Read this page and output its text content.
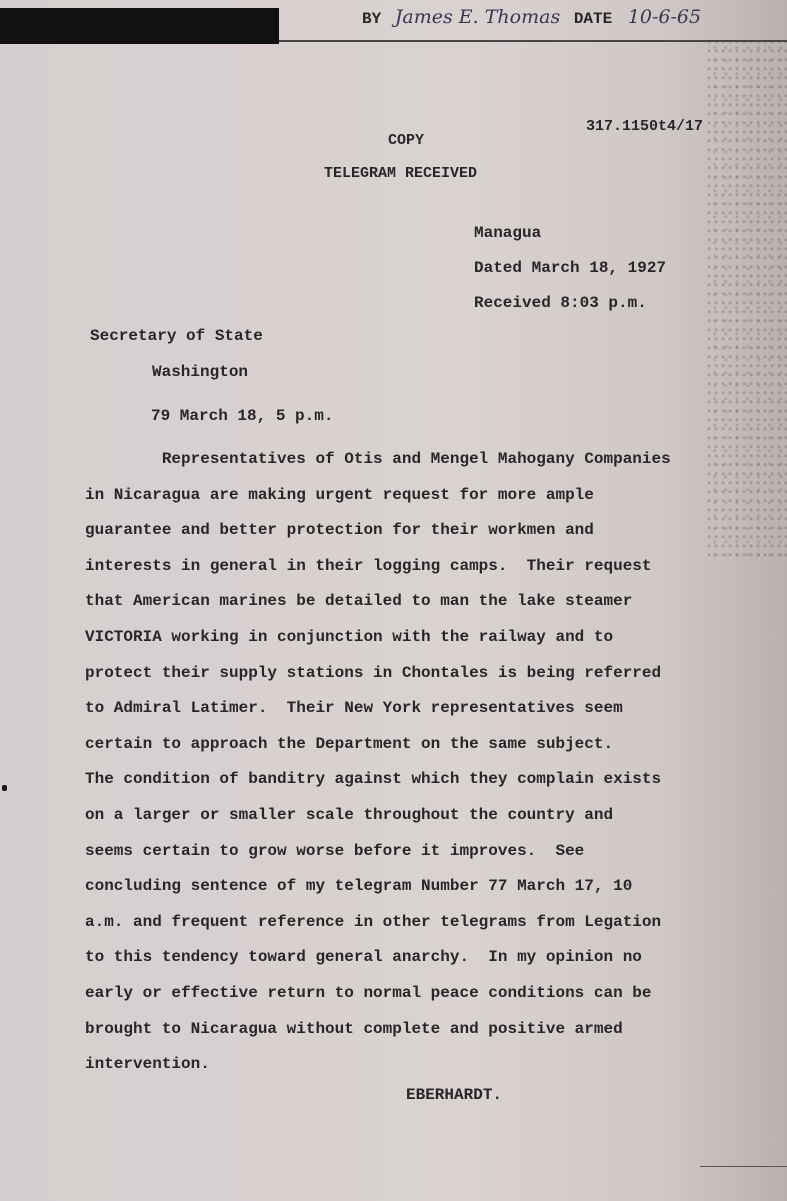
BY James E. Thomas DATE 10-6-65
317.1150t4/17
COPY
TELEGRAM RECEIVED
Managua
Dated March 18, 1927
Received 8:03 p.m.
Secretary of State
Washington
79 March 18, 5 p.m.
Representatives of Otis and Mengel Mahogany Companies
in Nicaragua are making urgent request for more ample
guarantee and better protection for their workmen and
interests in general in their logging camps.  Their request
that American marines be detailed to man the lake steamer
VICTORIA working in conjunction with the railway and to
protect their supply stations in Chontales is being referred
to Admiral Latimer.  Their New York representatives seem
certain to approach the Department on the same subject.
The condition of banditry against which they complain exists
on a larger or smaller scale throughout the country and
seems certain to grow worse before it improves.  See
concluding sentence of my telegram Number 77 March 17, 10
a.m. and frequent reference in other telegrams from Legation
to this tendency toward general anarchy.  In my opinion no
early or effective return to normal peace conditions can be
brought to Nicaragua without complete and positive armed
intervention.
EBERHARDT.
